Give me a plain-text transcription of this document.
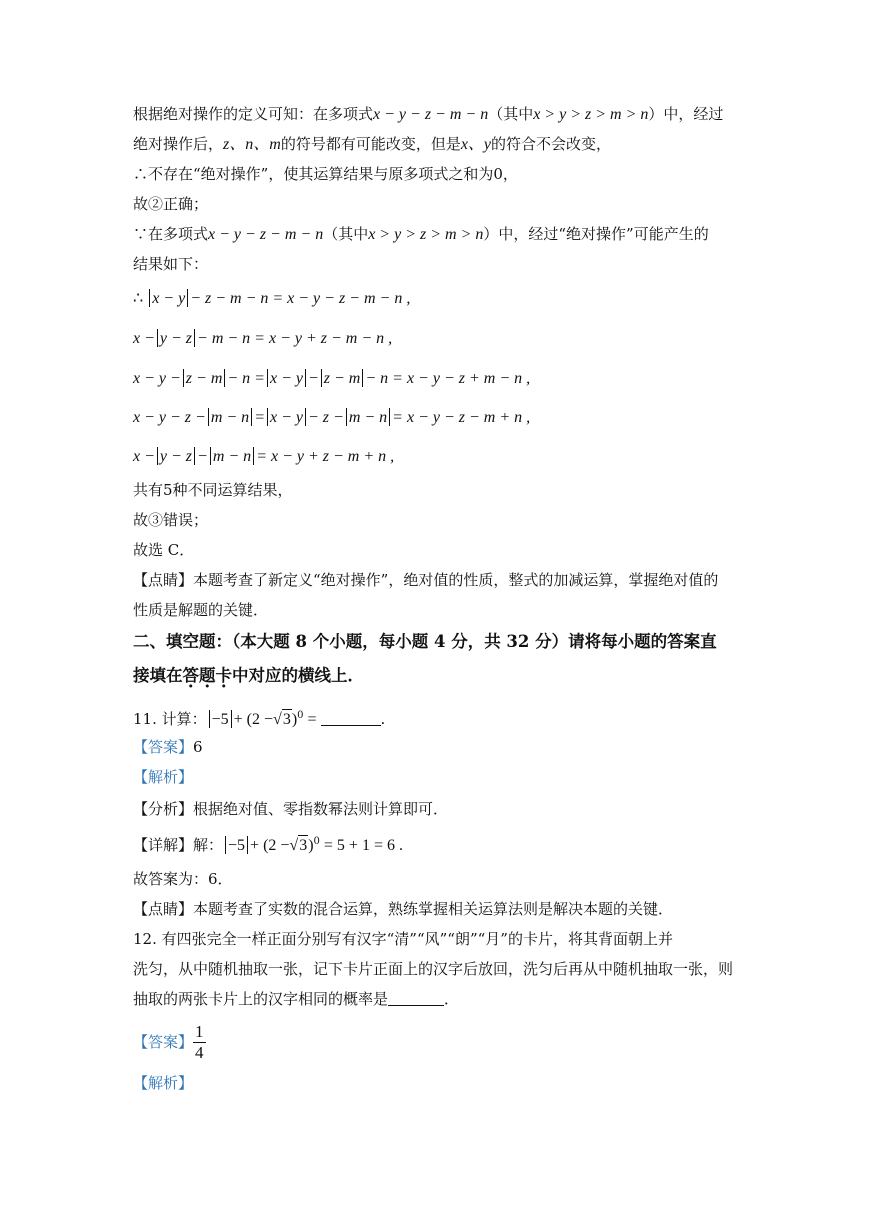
根据绝对操作的定义可知：在多项式x − y − z − m − n（其中x > y > z > m > n）中，经过
绝对操作后，z、n、m的符号都有可能改变，但是x、y的符合不会改变，
∴不存在“绝对操作”，使其运算结果与原多项式之和为0，
故②正确；
∵在多项式x − y − z − m − n（其中x > y > z > m > n）中，经过“绝对操作”可能产生的
结果如下：
∴ x − y − z − m − n = x − y − z − m − n ,
x − y − z − m − n = x − y + z − m − n ,
x − y − z − m − n = x − y − z − m − n = x − y − z + m − n ,
x − y − z − m − n = x − y − z − m − n = x − y − z − m + n ,
x − y − z − m − n = x − y + z − m + n ,
共有5种不同运算结果，
故③错误；
故选 C．
【点睛】本题考查了新定义“绝对操作”，绝对值的性质，整式的加减运算，掌握绝对值的
性质是解题的关键．
二、填空题：（本大题 8 个小题，每小题 4 分，共 32 分）请将每小题的答案直
接填在答题卡中对应的横线上．
11. 计算： $-5 + (2 -√3)^0$ =	.
【答案】6
【解析】
【分析】根据绝对值、零指数幂法则计算即可．
【详解】解： $-5 + (2 -√3)^0 = 5 + 1 = 6$ .
故答案为：6．
【点睛】本题考查了实数的混合运算，熟练掌握相关运算法则是解决本题的关键．
12. 有四张完全一样正面分别写有汉字“清”“风”“朗”“月”的卡片，将其背面朝上并
洗匀，从中随机抽取一张，记下卡片正面上的汉字后放回，洗匀后再从中随机抽取一张，则
抽取的两张卡片上的汉字相同的概率是	．
【答案】 $\frac{1}{4}$
【解析】
